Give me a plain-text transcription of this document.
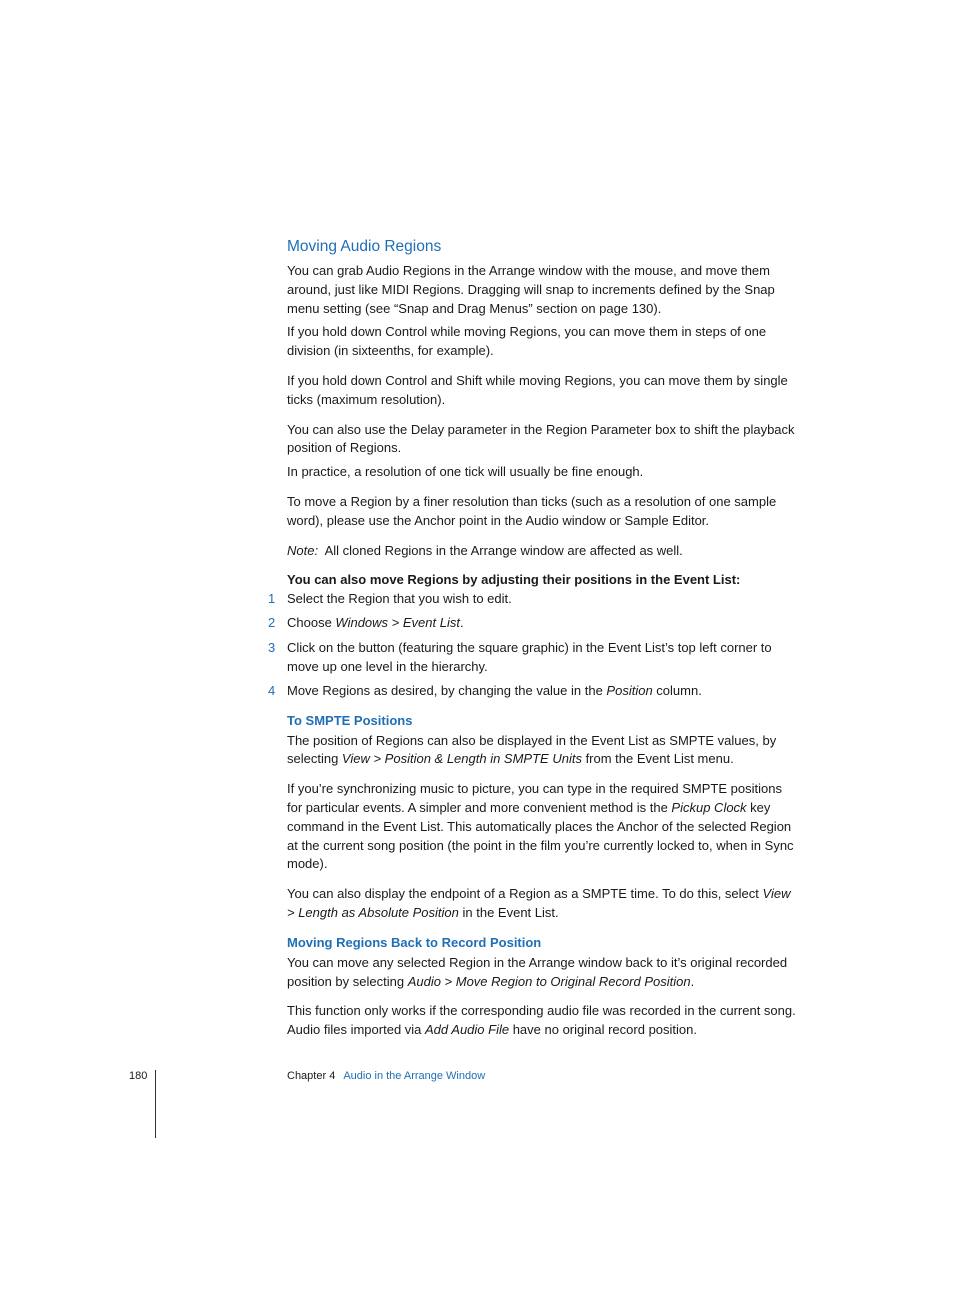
Moving Audio Regions

You can grab Audio Regions in the Arrange window with the mouse, and move them around, just like MIDI Regions. Dragging will snap to increments defined by the Snap menu setting (see “Snap and Drag Menus” section on page 130).

If you hold down Control while moving Regions, you can move them in steps of one division (in sixteenths, for example).

If you hold down Control and Shift while moving Regions, you can move them by single ticks (maximum resolution).

You can also use the Delay parameter in the Region Parameter box to shift the playback position of Regions.

In practice, a resolution of one tick will usually be fine enough.

To move a Region by a finer resolution than ticks (such as a resolution of one sample word), please use the Anchor point in the Audio window or Sample Editor.

Note: All cloned Regions in the Arrange window are affected as well.

You can also move Regions by adjusting their positions in the Event List:

1 Select the Region that you wish to edit.
2 Choose Windows > Event List.
3 Click on the button (featuring the square graphic) in the Event List’s top left corner to move up one level in the hierarchy.
4 Move Regions as desired, by changing the value in the Position column.
To SMPTE Positions

The position of Regions can also be displayed in the Event List as SMPTE values, by selecting View > Position & Length in SMPTE Units from the Event List menu.

If you’re synchronizing music to picture, you can type in the required SMPTE positions for particular events. A simpler and more convenient method is the Pickup Clock key command in the Event List. This automatically places the Anchor of the selected Region at the current song position (the point in the film you’re currently locked to, when in Sync mode).

You can also display the endpoint of a Region as a SMPTE time. To do this, select View > Length as Absolute Position in the Event List.

Moving Regions Back to Record Position

You can move any selected Region in the Arrange window back to it’s original recorded position by selecting Audio > Move Region to Original Record Position.

This function only works if the corresponding audio file was recorded in the current song. Audio files imported via Add Audio File have no original record position.

180	Chapter 4 Audio in the Arrange Window
